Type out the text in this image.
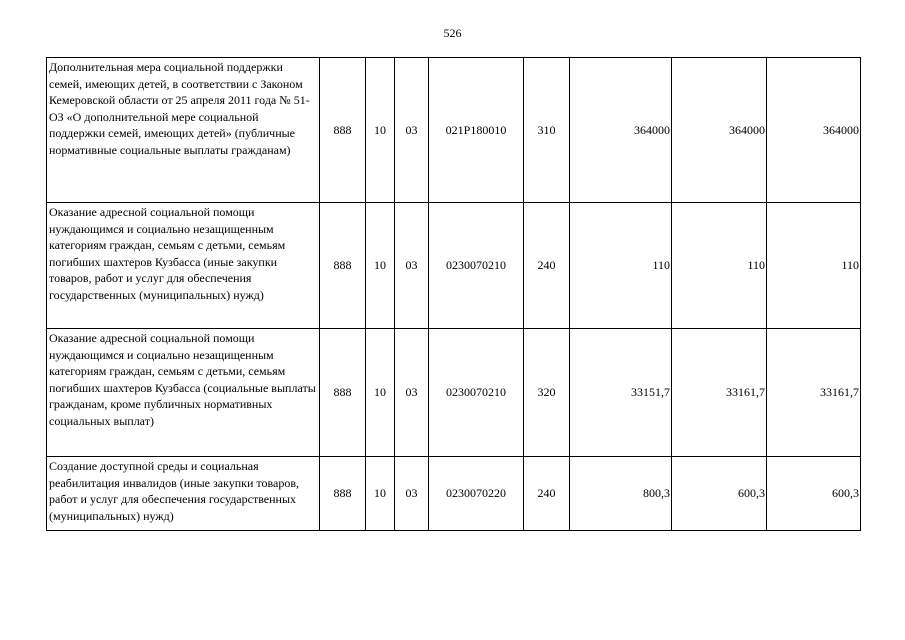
526
Дополнительная мера социальной поддержки семей, имеющих детей, в соответствии с Законом Кемеровской области от 25 апреля 2011 года № 51-ОЗ «О дополнительной мере социальной поддержки семей, имеющих детей» (публичные нормативные социальные выплаты гражданам)	888	10	03	021P180010	310	364000	364000	364000
Оказание адресной социальной помощи нуждающимся и социально незащищенным категориям граждан, семьям с детьми, семьям погибших шахтеров Кузбасса (иные закупки товаров, работ и услуг для обеспечения государственных (муниципальных) нужд)	888	10	03	0230070210	240	110	110	110
Оказание адресной социальной помощи нуждающимся и социально незащищенным категориям граждан, семьям с детьми, семьям погибших шахтеров Кузбасса (социальные выплаты гражданам, кроме публичных нормативных социальных выплат)	888	10	03	0230070210	320	33151,7	33161,7	33161,7
Создание доступной среды и социальная реабилитация инвалидов (иные закупки товаров, работ и услуг для обеспечения государственных (муниципальных) нужд)	888	10	03	0230070220	240	800,3	600,3	600,3
